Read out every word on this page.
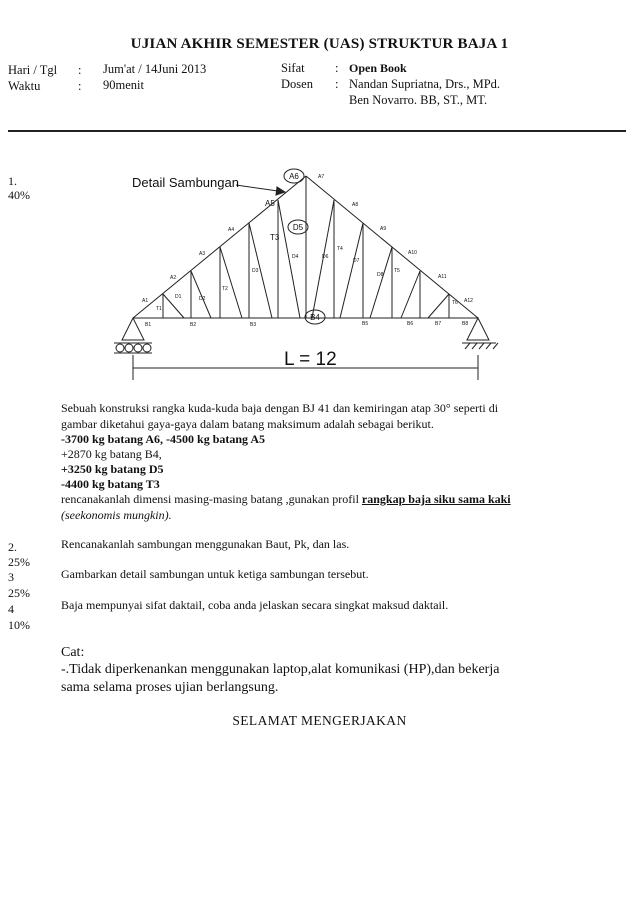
UJIAN AKHIR SEMESTER (UAS) STRUKTUR BAJA 1
Hari / Tgl : Jum'at / 14Juni 2013
Waktu	: 90menit
Sifat : Open Book
Dosen : Nandan Supriatna, Drs., MPd.
Ben Novarro. BB, ST., MT.
1.
40%
A6
D5
B4
A5
T3
A1
A2
A3
A4
A7
A8
A9
A10
A11
A12
B1	B2	B3	B5	B6	B7	B8
T1
T2
T4
T5
T6
D1	D2
D3
D4	D6
D7
D8
Detail Sambungan
L = 12
Sebuah konstruksi rangka kuda-kuda baja dengan BJ 41 dan kemiringan atap 30° seperti di
gambar diketahui gaya-gaya dalam batang maksimum adalah sebagai berikut.
-3700 kg batang A6, -4500 kg batang A5
+2870 kg batang B4,
+3250 kg batang D5
-4400 kg batang T3
rencanakanlah dimensi masing-masing batang ,gunakan profil rangkap baja siku sama kaki
(seekonomis mungkin).
2.	Rencanakanlah sambungan menggunakan Baut, Pk, dan las.
25%
3	Gambarkan detail sambungan untuk ketiga sambungan tersebut.
25%
4	Baja mempunyai sifat daktail, coba anda jelaskan secara singkat maksud daktail.
10%
Cat:
-.Tidak diperkenankan menggunakan laptop,alat komunikasi (HP),dan bekerja
sama selama proses ujian berlangsung.
SELAMAT MENGERJAKAN
